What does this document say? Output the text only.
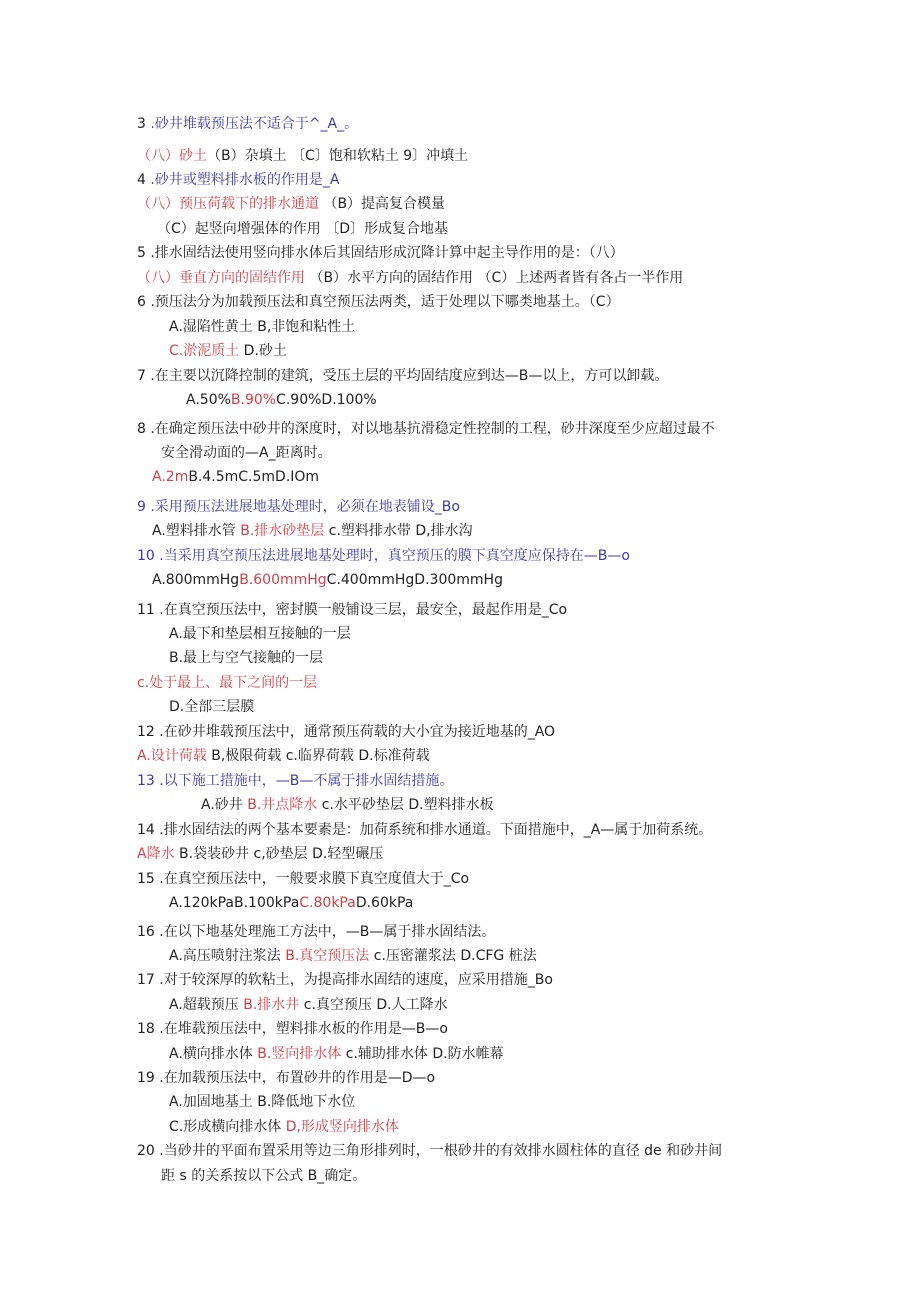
3 .砂井堆载预压法不适合于^_A_。
（八）砂土（B）杂填土 〔C〕饱和软粘土 9〕冲填土
4 .砂井或塑料排水板的作用是_A
（八）预压荷载下的排水通道 （B）提高复合模量
（C）起竖向增强体的作用 〔D〕形成复合地基
5 .排水固结法使用竖向排水体后其固结形成沉降计算中起主导作用的是：（八）
（八）垂直方向的固结作用 （B）水平方向的固结作用 （C）上述两者皆有各占一半作用
6 .预压法分为加载预压法和真空预压法两类，适于处理以下哪类地基土。（C）
A.湿陷性黄土 B,非饱和粘性土
C.淤泥质土 D.砂土
7 .在主要以沉降控制的建筑，受压土层的平均固结度应到达—B—以上，方可以卸载。
A.50%B.90%C.90%D.100%
8 .在确定预压法中砂井的深度时，对以地基抗滑稳定性控制的工程，砂井深度至少应超过最不
安全滑动面的—A_距离时。
A.2mB.4.5mC.5mD.IOm
9 .采用预压法进展地基处理时，必须在地表铺设_Bo
A.塑料排水管 B.排水砂垫层 c.塑料排水带 D,排水沟
10 .当采用真空预压法进展地基处理时，真空预压的膜下真空度应保持在—B—o
A.800mmHgB.600mmHgC.400mmHgD.300mmHg
11 .在真空预压法中，密封膜一般铺设三层，最安全，最起作用是_Co
A.最下和垫层相互接触的一层
B.最上与空气接触的一层
c.处于最上、最下之间的一层
D.全部三层膜
12 .在砂井堆载预压法中，通常预压荷载的大小宜为接近地基的_AO
A.设计荷载 B,极限荷载 c.临界荷载 D.标准荷载
13 .以下施工措施中，—B—不属于排水固结措施。
A.砂井 B.井点降水 c.水平砂垫层 D.塑料排水板
14 .排水固结法的两个基本要素是：加荷系统和排水通道。下面措施中，_A—属于加荷系统。
A降水 B.袋装砂井 c,砂垫层 D.轻型碾压
15 .在真空预压法中，一般要求膜下真空度值大于_Co
A.120kPaB.100kPaC.80kPaD.60kPa
16 .在以下地基处理施工方法中，—B—属于排水固结法。
A.高压喷射注浆法 B.真空预压法 c.压密灌浆法 D.CFG 桩法
17 .对于较深厚的软粘土，为提高排水固结的速度，应采用措施_Bo
A.超载预压 B.排水井 c.真空预压 D.人工降水
18 .在堆载预压法中，塑料排水板的作用是—B—o
A.横向排水体 B.竖向排水体 c.辅助排水体 D.防水帷幕
19 .在加载预压法中，布置砂井的作用是—D—o
A.加固地基土 B.降低地下水位
C.形成横向排水体 D,形成竖向排水体
20 .当砂井的平面布置采用等边三角形排列时，一根砂井的有效排水圆柱体的直径 de 和砂井间
距 s 的关系按以下公式 B_确定。
